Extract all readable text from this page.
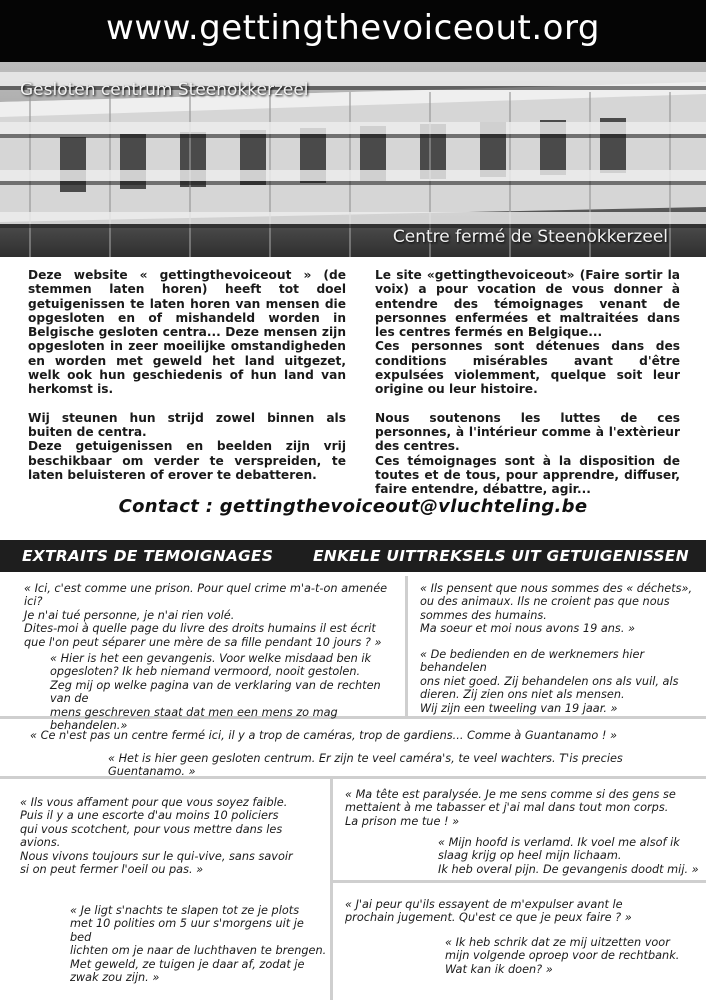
www.gettingthevoiceout.org
Gesloten centrum Steenokkerzeel
Centre fermé de Steenokkerzeel

Deze website « gettingthevoiceout » (de stemmen laten horen) heeft tot doel getuigenissen te laten horen van mensen die opgesloten en of mishandeld worden in Belgische gesloten centra... Deze mensen zijn opgesloten in zeer moeilijke omstandigheden en worden met geweld het land uitgezet, welk ook hun geschiedenis of hun land van herkomst is.

Wij steunen hun strijd zowel binnen als buiten de centra.

Deze getuigenissen en beelden zijn vrij beschikbaar om verder te verspreiden, te laten beluisteren of erover te debatteren.

Le site «gettingthevoiceout» (Faire sortir la voix) a pour vocation de vous donner à entendre des témoignages venant de personnes enfermées et maltraitées dans les centres fermés en Belgique...

Ces personnes sont détenues dans des conditions misérables avant d'être expulsées violemment, quelque soit leur origine ou leur histoire.

Nous soutenons les luttes de ces personnes, à l'intérieur comme à l'extèrieur des centres.

Ces témoignages sont à la disposition de toutes et de tous, pour apprendre, diffuser, faire entendre, débattre, agir...

Contact : gettingthevoiceout@vluchteling.be
EXTRAITS DE TEMOIGNAGES	ENKELE UITTREKSELS UIT GETUIGENISSEN
« Ici, c'est comme une prison. Pour quel crime m'a-t-on amenée ici?
Je n'ai tué personne, je n'ai rien volé.
Dites-moi à quelle page du livre des droits humains il est écrit
que l'on peut séparer une mère de sa fille pendant 10 jours ? »
« Hier is het een gevangenis. Voor welke misdaad ben ik
opgesloten? Ik heb niemand vermoord, nooit gestolen.
Zeg mij op welke pagina van de verklaring van de rechten van de
mens geschreven staat dat men een mens zo mag behandelen.»
« Ils pensent que nous sommes des « déchets»,
ou des animaux. Ils ne croient pas que nous
sommes des humains.
Ma soeur et moi nous avons 19 ans. »
« De bedienden en de werknemers hier behandelen
ons niet goed. Zij behandelen ons als vuil, als
dieren. Zij zien ons niet als mensen.
Wij zijn een tweeling van 19 jaar. »
« Ce n'est pas un centre fermé ici, il y a trop de caméras, trop de gardiens... Comme à Guantanamo ! »
« Het is hier geen gesloten centrum. Er zijn te veel caméra's, te veel wachters. T'is precies Guentanamo. »
« Ils vous affament pour que vous soyez faible.
Puis il y a une escorte d'au moins 10 policiers
qui vous scotchent, pour vous mettre dans les
avions.
Nous vivons toujours sur le qui-vive, sans savoir
si on peut fermer l'oeil ou pas. »
« Je ligt s'nachts te slapen tot ze je plots
met 10 polities om 5 uur s'morgens uit je bed
lichten om je naar de luchthaven te brengen.
Met geweld, ze tuigen je daar af, zodat je
zwak zou zijn. »
« Ma tête est paralysée. Je me sens comme si des gens se
mettaient à me tabasser et j'ai mal dans tout mon corps.
La prison me tue ! »
« Mijn hoofd is verlamd. Ik voel me alsof ik
slaag krijg op heel mijn lichaam.
Ik heb overal pijn. De gevangenis doodt mij. »
« J'ai peur qu'ils essayent de m'expulser avant le
prochain jugement. Qu'est ce que je peux faire ? »
« Ik heb schrik dat ze mij uitzetten voor
mijn volgende oproep voor de rechtbank.
Wat kan ik doen? »
